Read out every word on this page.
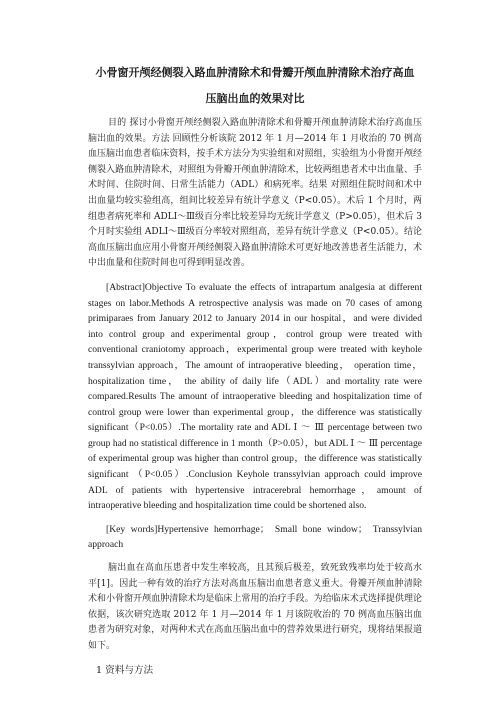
小骨窗开颅经侧裂入路血肿清除术和骨瓣开颅血肿清除术治疗高血

压脑出血的效果对比

目的 探讨小骨窗开颅经侧裂入路血肿清除术和骨瓣开颅血肿清除术治疗高血压脑出血的效果。方法 回顾性分析该院 2012 年 1 月—2014 年 1 月收治的 70 例高血压脑出血患者临床资料，按手术方法分为实验组和对照组，实验组为小骨窗开颅经侧裂入路血肿清除术，对照组为骨瓣开颅血肿清除术，比较两组患者术中出血量、手术时间、住院时间、日常生活能力（ADL）和病死率。结果 对照组住院时间和术中出血量均较实验组高，组间比较差异有统计学意义（P<0.05）。术后 1 个月时，两组患者病死率和 ADLⅠ～Ⅲ级百分率比较差异均无统计学意义（P>0.05），但术后 3 个月时实验组 ADLⅠ～Ⅲ级百分率较对照组高，差异有统计学意义（P<0.05）。结论 高血压脑出血应用小骨窗开颅经侧裂入路血肿清除术可更好地改善患者生活能力，术中出血量和住院时间也可得到明显改善。

[Abstract]Objective To evaluate the effects of intrapartum analgesia at different stages on labor.Methods A retrospective analysis was made on 70 cases of among primiparaes from January 2012 to January 2014 in our hospital，and were divided into control group and experimental group，control group were treated with conventional craniotomy approach，experimental group were treated with keyhole transsylvian approach，The amount of intraoperative bleeding， operation time， hospitalization time， the ability of daily life（ADL）and mortality rate were compared.Results The amount of intraoperative bleeding and hospitalization time of control group were lower than experimental group，the difference was statistically significant（P<0.05）.The mortality rate and ADL Ⅰ ～ Ⅲ percentage between two group had no statistical difference in 1 month（P>0.05），but ADL Ⅰ ～ Ⅲ percentage of experimental group was higher than control group，the difference was statistically significant （P<0.05）.Conclusion Keyhole transsylvian approach could improve ADL of patients with hypertensive intracerebral hemorrhage，amount of intraoperative bleeding and hospitalization time could be shortened also.

[Key words]Hypertensive hemorrhage； Small bone window； Transsylvian approach

脑出血在高血压患者中发生率较高，且其预后极差，致死致残率均处于较高水平[1]。因此一种有效的治疗方法对高血压脑出血患者意义重大。骨瓣开颅血肿清除术和小骨窗开颅血肿清除术均是临床上常用的治疗手段。为给临床术式选择提供理论依据，该次研究选取 2012 年 1 月—2014 年 1 月该院收治的 70 例高血压脑出血患者为研究对象，对两种术式在高血压脑出血中的营养效果进行研究，现将结果报道如下。

1 资料与方法
